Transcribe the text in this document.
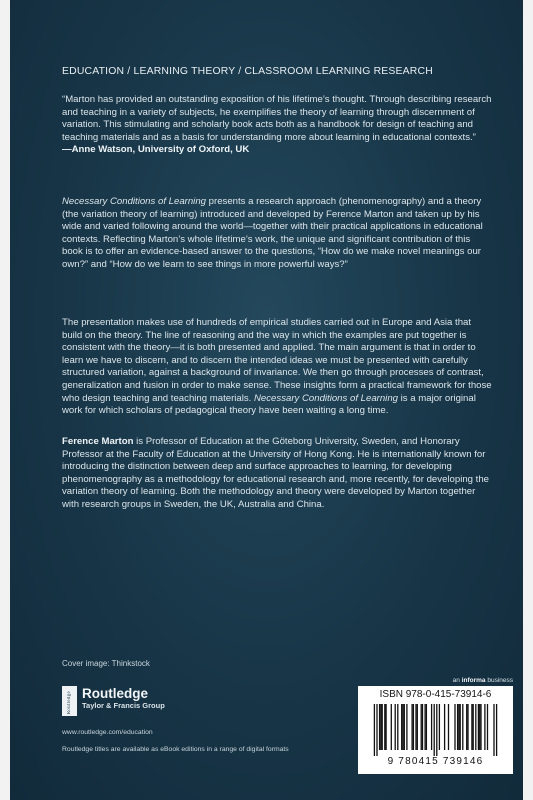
EDUCATION / LEARNING THEORY / CLASSROOM LEARNING RESEARCH
“Marton has provided an outstanding exposition of his lifetime’s thought. Through describing research and teaching in a variety of subjects, he exemplifies the theory of learning through discernment of variation. This stimulating and scholarly book acts both as a handbook for design of teaching and teaching materials and as a basis for understanding more about learning in educational contexts.”
—Anne Watson, University of Oxford, UK

Necessary Conditions of Learning presents a research approach (phenomenography) and a theory (the variation theory of learning) introduced and developed by Ference Marton and taken up by his wide and varied following around the world—together with their practical applications in educational contexts. Reflecting Marton’s whole lifetime’s work, the unique and significant contribution of this book is to offer an evidence-based answer to the questions, “How do we make novel meanings our own?” and “How do we learn to see things in more powerful ways?”

The presentation makes use of hundreds of empirical studies carried out in Europe and Asia that build on the theory. The line of reasoning and the way in which the examples are put together is consistent with the theory—it is both presented and applied. The main argument is that in order to learn we have to discern, and to discern the intended ideas we must be presented with carefully structured variation, against a background of invariance. We then go through processes of contrast, generalization and fusion in order to make sense. These insights form a practical framework for those who design teaching and teaching materials. Necessary Conditions of Learning is a major original work for which scholars of pedagogical theory have been waiting a long time.

Ference Marton is Professor of Education at the Göteborg University, Sweden, and Honorary Professor at the Faculty of Education at the University of Hong Kong. He is internationally known for introducing the distinction between deep and surface approaches to learning, for developing phenomenography as a methodology for educational research and, more recently, for developing the variation theory of learning. Both the methodology and theory were developed by Marton together with research groups in Sweden, the UK, Australia and China.

Cover image: Thinkstock
an informa business
Routledge Routledge
Taylor & Francis Group
www.routledge.com/education
Routledge titles are available as eBook editions in a range of digital formats
ISBN 978-0-415-73914-6
9 780415 739146
